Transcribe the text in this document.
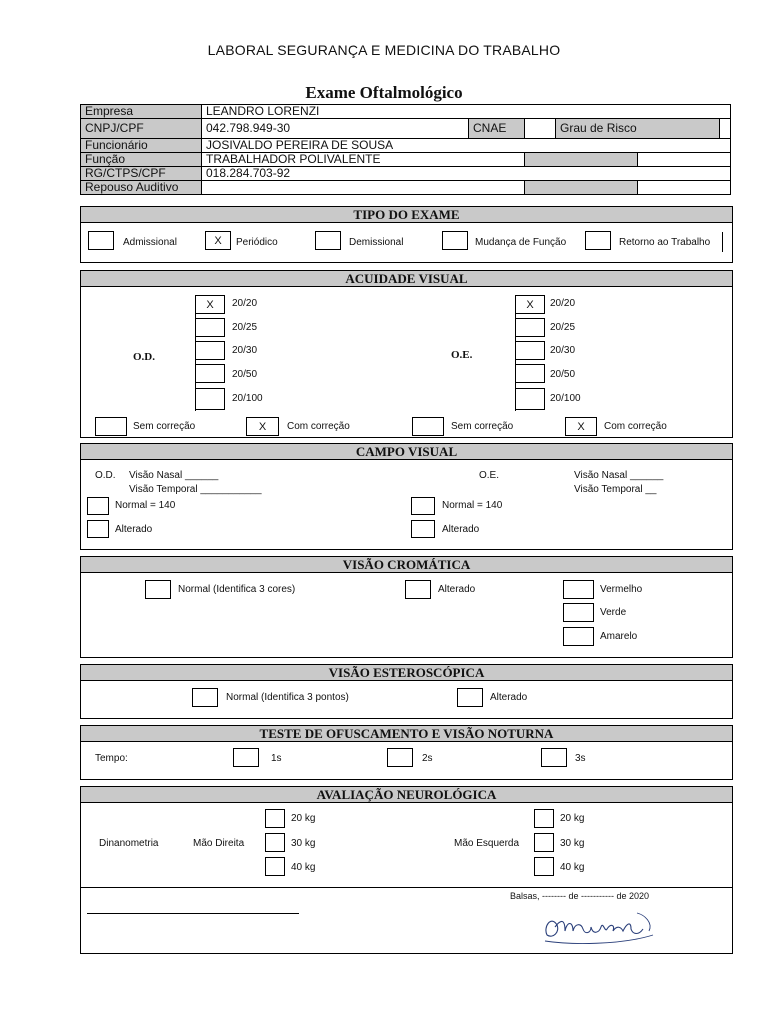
LABORAL SEGURANÇA E MEDICINA DO TRABALHO
Exame Oftalmológico
Empresa	LEANDRO LORENZI					
CNPJ/CPF	042.798.949-30	CNAE		Grau de Risco		
Funcionário	JOSIVALDO PEREIRA DE SOUSA					
Função	TRABALHADOR POLIVALENTE					
RG/CTPS/CPF	018.284.703-92					
Repouso Auditivo						
TIPO DO EXAME
Admissional	X	Periódico	Demissional	Mudança de Função	Retorno ao Trabalho
ACUIDADE VISUAL
O.D.
X	20/20
20/25
20/30
20/50
20/100
O.E.
X	20/20
20/25
20/30
20/50
20/100
Sem correção	X	Com correção	Sem correção	X	Com correção
CAMPO VISUAL
O.D. Visão Nasal ______
Visão Temporal ___________
O.E.	Visão Nasal ______
Visão Temporal __
Normal = 140
Alterado
Normal = 140
Alterado
VISÃO CROMÁTICA
Normal (Identifica 3 cores)	Alterado	Vermelho
Verde
Amarelo
VISÃO ESTEROSCÓPICA
Normal (Identifica 3 pontos)	Alterado
TESTE DE OFUSCAMENTO E VISÃO NOTURNA
Tempo:	1s	2s	3s
AVALIAÇÃO NEUROLÓGICA
Dinanometria	Mão Direita
20 kg
30 kg
40 kg
Mão Esquerda
20 kg
30 kg
40 kg
Balsas, -------- de ----------- de 2020
